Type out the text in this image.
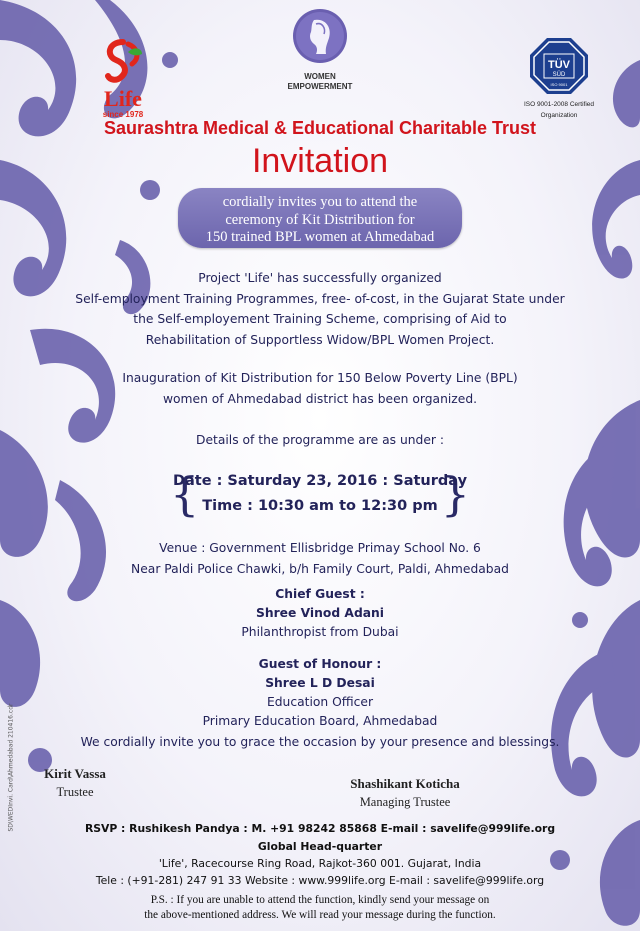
Life
since 1978
WOMEN
EMPOWERMENT
TÜV
SÜD
ISO 9001
ISO 9001-2008 Certified
Organization
Saurashtra Medical & Educational Charitable Trust
Invitation
cordially invites you to attend the
ceremony of Kit Distribution for
150 trained BPL women at Ahmedabad
Project 'Life' has successfully organized
Self-employment Training Programmes, free- of-cost, in the Gujarat State under
the Self-employement Training Scheme, comprising of Aid to
Rehabilitation of Supportless Widow/BPL Women Project.
Inauguration of Kit Distribution for 150 Below Poverty Line (BPL)
women of Ahmedabad district has been organized.
Details of the programme are as under :
{	}
Date : Saturday 23, 2016 : Saturday
Time : 10:30 am to 12:30 pm
Venue : Government Ellisbridge Primay School No. 6
Near Paldi Police Chawki, b/h Family Court, Paldi, Ahmedabad
Chief Guest :
Shree Vinod Adani
Philanthropist from Dubai
Guest of Honour :
Shree L D Desai
Education Officer
Primary Education Board, Ahmedabad
We cordially invite you to grace the occasion by your presence and blessings.
Kirit Vassa
Trustee
Shashikant Koticha
Managing Trustee
RSVP : Rushikesh Pandya : M. +91 98242 85868 E-mail : savelife@999life.org
Global Head-quarter
'Life', Racecourse Ring Road, Rajkot-360 001. Gujarat, India
Tele : (+91-281) 247 91 33 Website : www.999life.org E-mail : savelife@999life.org
P.S. : If you are unable to attend the function, kindly send your message on
the above-mentioned address. We will read your message during the function.
SD\WEDInvi. Card\Ahmedabad 210416.cdr
